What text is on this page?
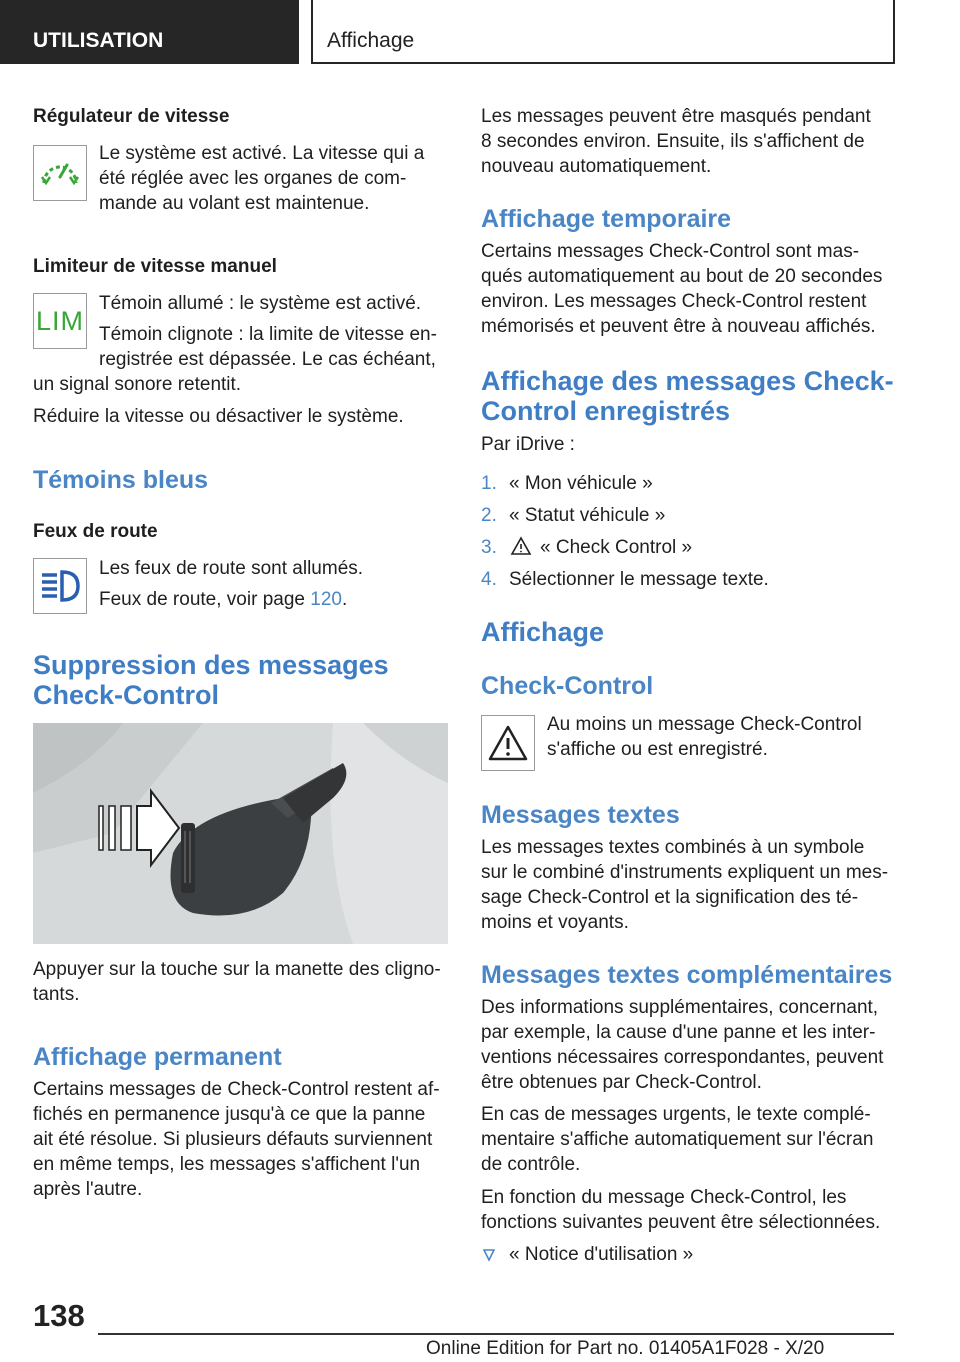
UTILISATION	Affichage
Régulateur de vitesse
Le système est activé. La vitesse qui a
été réglée avec les organes de com‐
mande au volant est maintenue.
Limiteur de vitesse manuel
LIM
Témoin allumé : le système est activé.
Témoin clignote : la limite de vitesse en‐
registrée est dépassée. Le cas échéant,
un signal sonore retentit.
Réduire la vitesse ou désactiver le système.
Témoins bleus
Feux de route
Les feux de route sont allumés.
Feux de route, voir page 120.
Suppression des messages
Check-Control
Appuyer sur la touche sur la manette des cligno‐
tants.
Affichage permanent
Certains messages de Check-Control restent af‐
fichés en permanence jusqu'à ce que la panne
ait été résolue. Si plusieurs défauts surviennent
en même temps, les messages s'affichent l'un
après l'autre.
Les messages peuvent être masqués pendant
8 secondes environ. Ensuite, ils s'affichent de
nouveau automatiquement.
Affichage temporaire
Certains messages Check-Control sont mas‐
qués automatiquement au bout de 20 secondes
environ. Les messages Check-Control restent
mémorisés et peuvent être à nouveau affichés.
Affichage des messages Check-
Control enregistrés
Par iDrive :
1. « Mon véhicule »
2. « Statut véhicule »
3. « Check Control »
4. Sélectionner le message texte.
Affichage
Check-Control
Au moins un message Check-Control
s'affiche ou est enregistré.
Messages textes
Les messages textes combinés à un symbole
sur le combiné d'instruments expliquent un mes‐
sage Check-Control et la signification des té‐
moins et voyants.
Messages textes complémentaires
Des informations supplémentaires, concernant,
par exemple, la cause d'une panne et les inter‐
ventions nécessaires correspondantes, peuvent
être obtenues par Check-Control.
En cas de messages urgents, le texte complé‐
mentaire s'affiche automatiquement sur l'écran
de contrôle.
En fonction du message Check-Control, les
fonctions suivantes peuvent être sélectionnées.
« Notice d'utilisation »
138
Online Edition for Part no. 01405A1F028 - X/20
